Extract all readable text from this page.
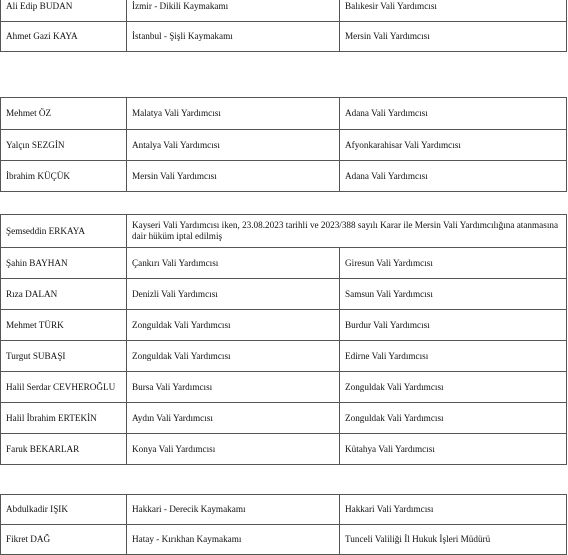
Ali Edip BUDAN	İzmir - Dikili Kaymakamı	Balıkesir Vali Yardımcısı
Ahmet Gazi KAYA	İstanbul - Şişli Kaymakamı	Mersin Vali Yardımcısı
Mehmet ÖZ	Malatya Vali Yardımcısı	Adana Vali Yardımcısı
Yalçın SEZGİN	Antalya Vali Yardımcısı	Afyonkarahisar Vali Yardımcısı
İbrahim KÜÇÜK	Mersin Vali Yardımcısı	Adana Vali Yardımcısı
Şemseddin ERKAYA	Kayseri Vali Yardımcısı iken, 23.08.2023 tarihli ve 2023/388 sayılı Karar ile Mersin Vali Yardımcılığına atanmasına dair hüküm iptal edilmiş	
Şahin BAYHAN	Çankırı Vali Yardımcısı	Giresun Vali Yardımcısı
Rıza DALAN	Denizli Vali Yardımcısı	Samsun Vali Yardımcısı
Mehmet TÜRK	Zonguldak Vali Yardımcısı	Burdur Vali Yardımcısı
Turgut SUBAŞI	Zonguldak Vali Yardımcısı	Edirne Vali Yardımcısı
Halil Serdar CEVHEROĞLU	Bursa Vali Yardımcısı	Zonguldak Vali Yardımcısı
Halil İbrahim ERTEKİN	Aydın Vali Yardımcısı	Zonguldak Vali Yardımcısı
Faruk BEKARLAR	Konya Vali Yardımcısı	Kütahya Vali Yardımcısı
Abdulkadir IŞIK	Hakkari - Derecik Kaymakamı	Hakkari Vali Yardımcısı
Fikret DAĞ	Hatay - Kırıkhan Kaymakamı	Tunceli Valiliği İl Hukuk İşleri Müdürü
